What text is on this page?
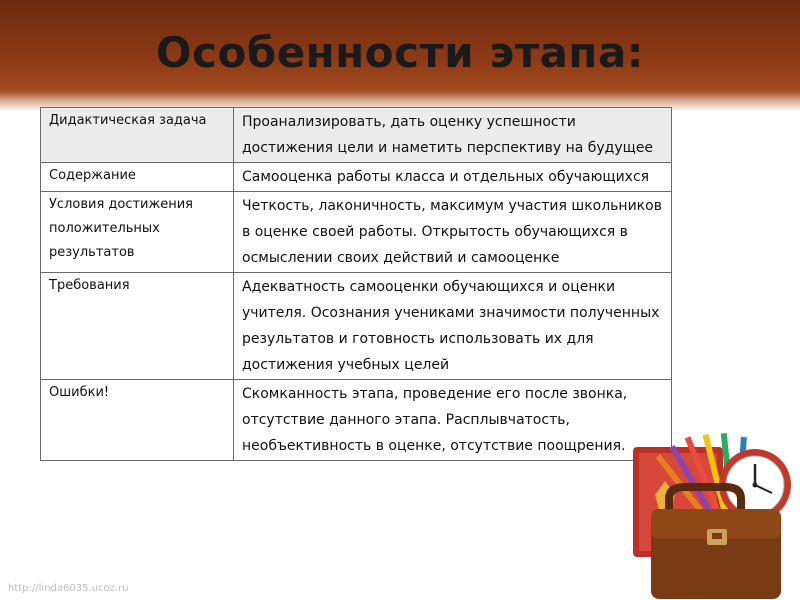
Особенности этапа:
Дидактическая задача	Проанализировать, дать оценку успешности достижения цели и наметить перспективу на будущее
Содержание	Самооценка работы класса и отдельных обучающихся
Условия достижения положительных результатов	Четкость, лаконичность, максимум участия школьников в оценке своей работы. Открытость обучающихся в осмыслении своих действий и самооценке
Требования	Адекватность самооценки обучающихся и оценки учителя. Осознания учениками значимости полученных результатов и готовность использовать их для достижения учебных целей
Ошибки!	Скомканность этапа, проведение его после звонка, отсутствие данного этапа. Расплывчатость, необъективность в оценке, отсутствие поощрения.
http://linda6035.ucoz.ru
